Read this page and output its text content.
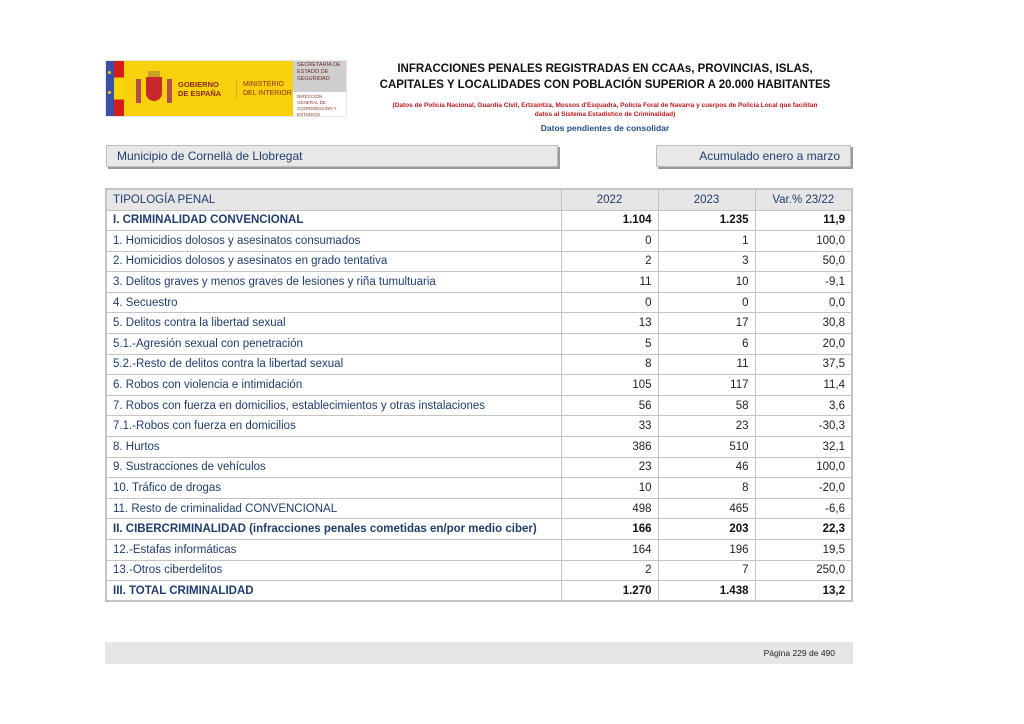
GOBIERNO DE ESPAÑA
MINISTERIO DEL INTERIOR
SECRETARÍA DE ESTADO DE SEGURIDAD
DIRECCIÓN GENERAL DE COORDINACIÓN Y ESTUDIOS
INFRACCIONES PENALES REGISTRADAS EN CCAAs, PROVINCIAS, ISLAS, CAPITALES Y LOCALIDADES CON POBLACIÓN SUPERIOR A 20.000 HABITANTES
(Datos de Policía Nacional, Guardia Civil, Ertzaintza, Mossos d'Esquadra, Policía Foral de Navarra y cuerpos de Policía Local que facilitan datos al Sistema Estadístico de Criminalidad)
Datos pendientes de consolidar
Municipio de Cornellà de Llobregat	Acumulado enero a marzo
TIPOLOGÍA PENAL	2022	2023	Var.% 23/22
I. CRIMINALIDAD CONVENCIONAL	1.104	1.235	11,9
1. Homicidios dolosos y asesinatos consumados	0	1	100,0
2. Homicidios dolosos y asesinatos en grado tentativa	2	3	50,0
3. Delitos graves y menos graves de lesiones y riña tumultuaria	11	10	-9,1
4. Secuestro	0	0	0,0
5. Delitos contra la libertad sexual	13	17	30,8
5.1.-Agresión sexual con penetración	5	6	20,0
5.2.-Resto de delitos contra la libertad sexual	8	11	37,5
6. Robos con violencia e intimidación	105	117	11,4
7. Robos con fuerza en domicilios, establecimientos y otras instalaciones	56	58	3,6
7.1.-Robos con fuerza en domicilios	33	23	-30,3
8. Hurtos	386	510	32,1
9. Sustracciones de vehículos	23	46	100,0
10. Tráfico de drogas	10	8	-20,0
11. Resto de criminalidad CONVENCIONAL	498	465	-6,6
II. CIBERCRIMINALIDAD (infracciones penales cometidas en/por medio ciber)	166	203	22,3
12.-Estafas informáticas	164	196	19,5
13.-Otros ciberdelitos	2	7	250,0
III. TOTAL CRIMINALIDAD	1.270	1.438	13,2
Página 229 de 490
